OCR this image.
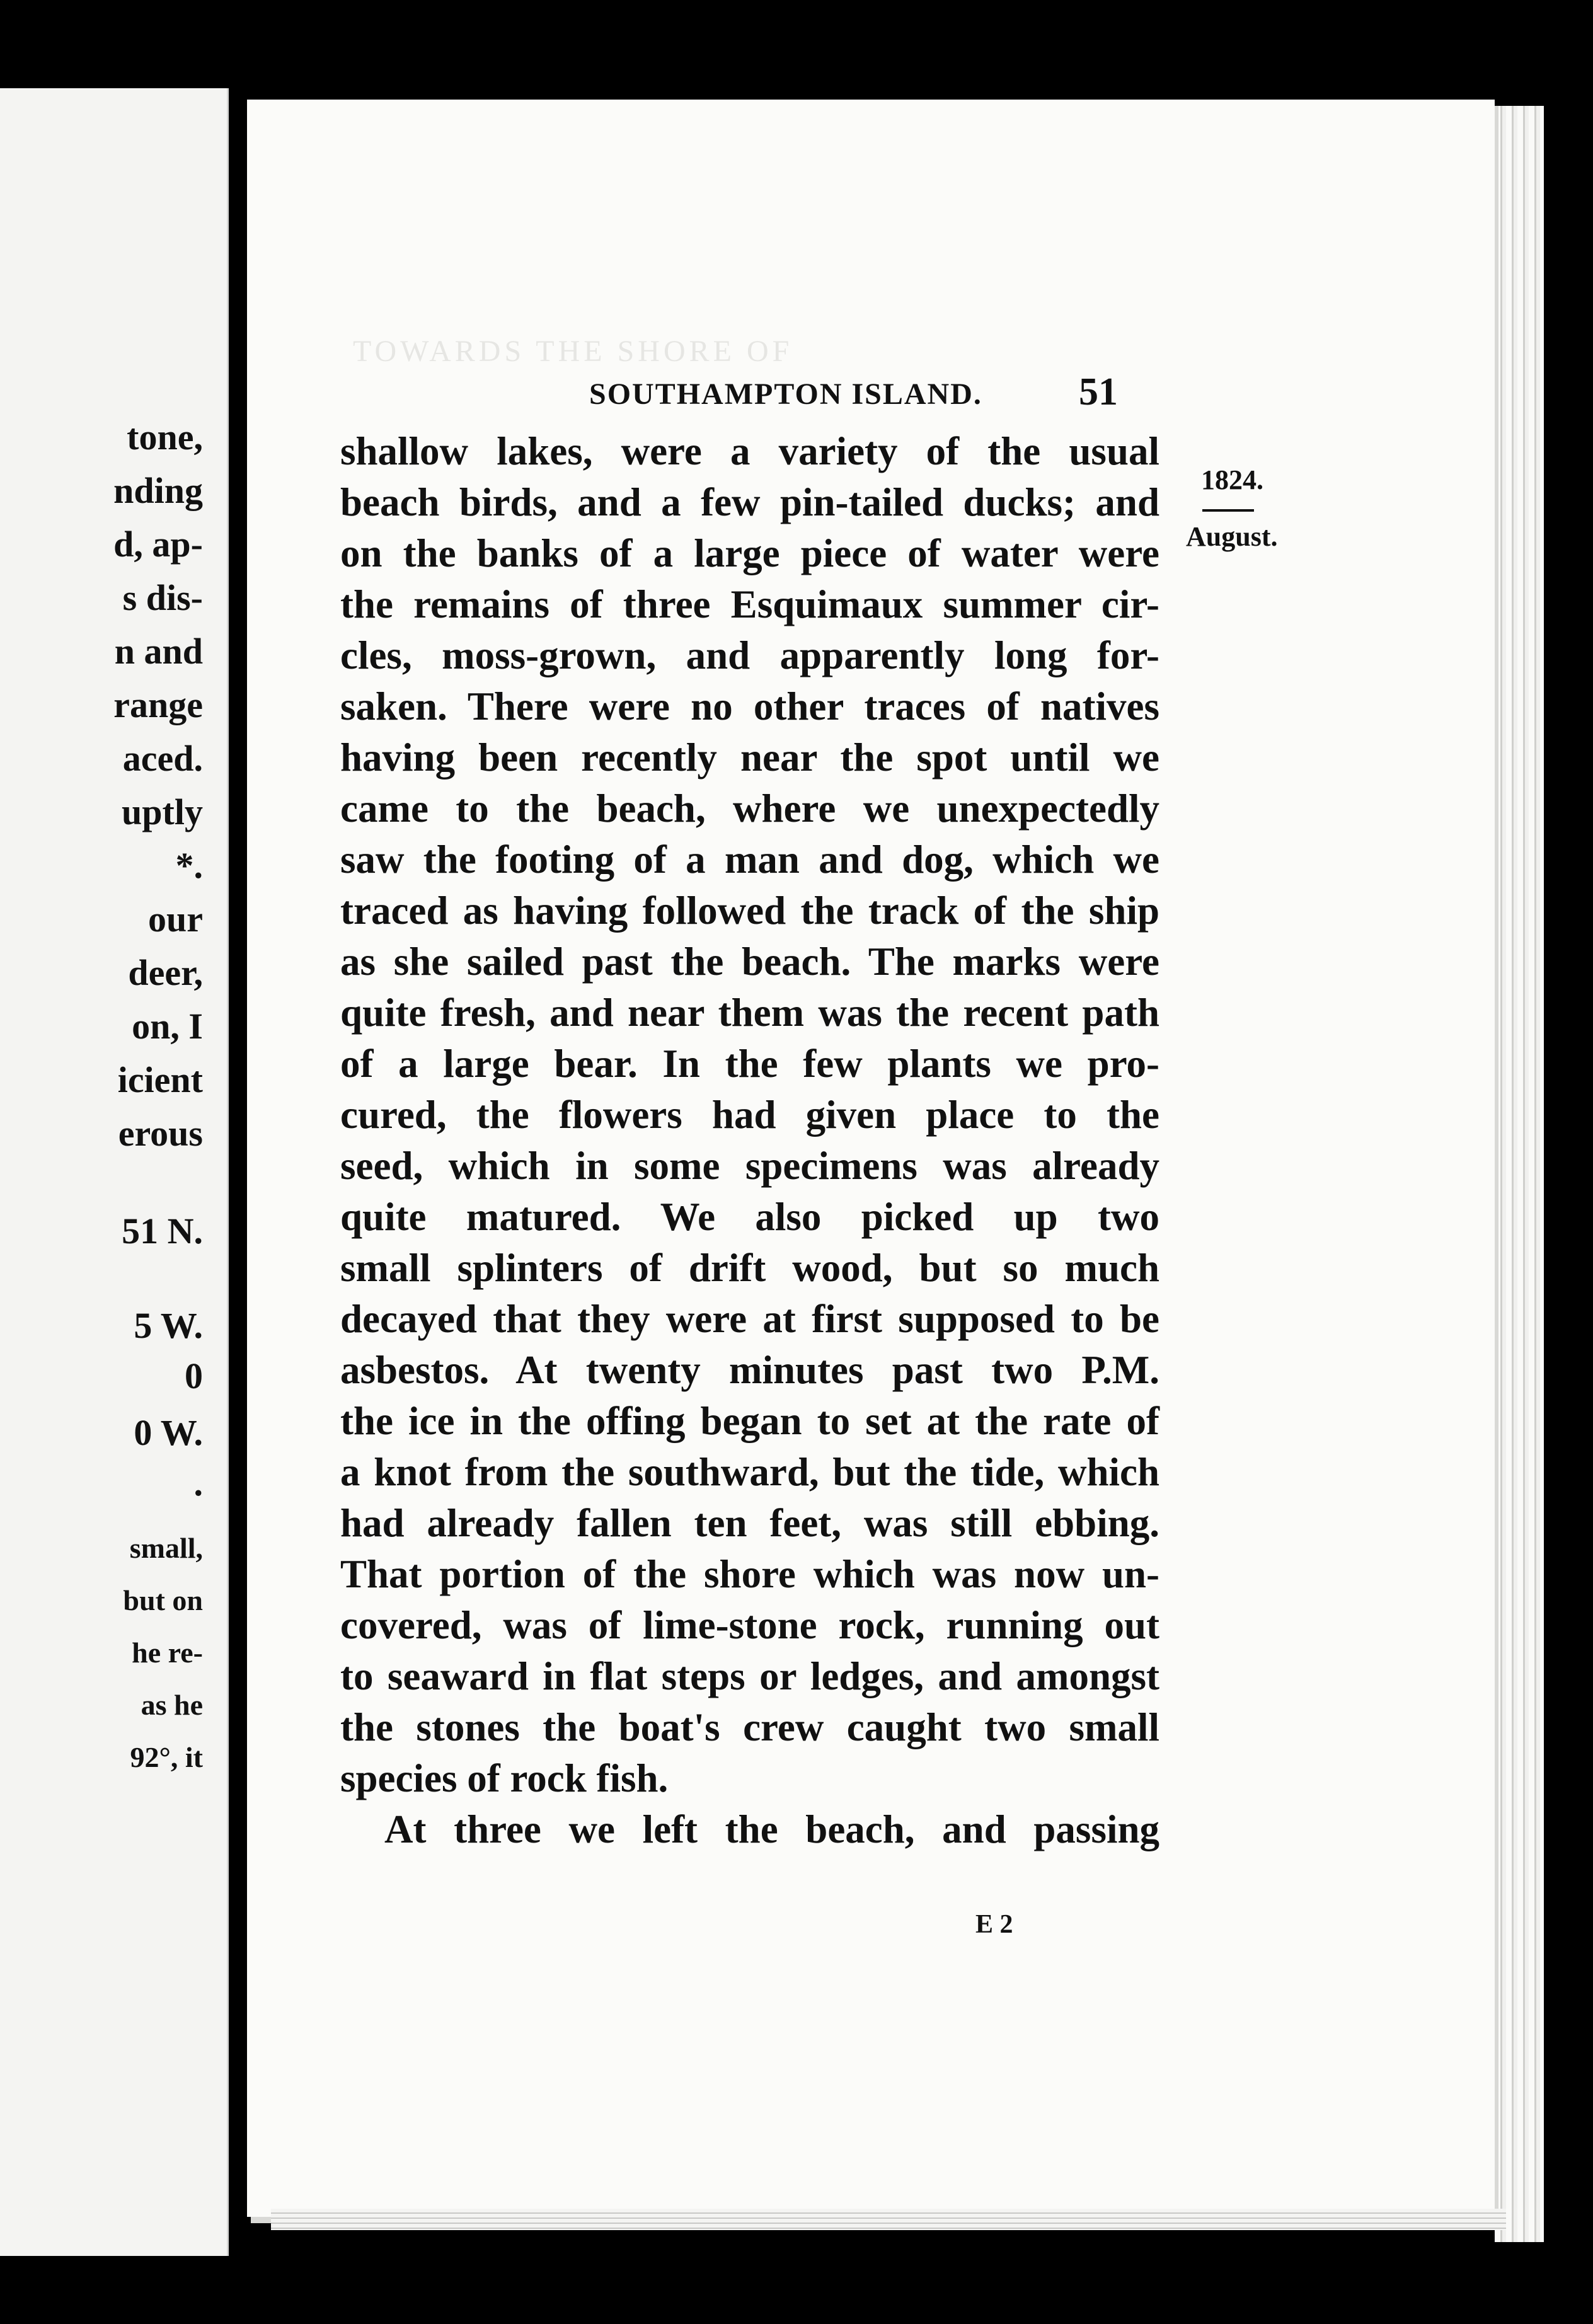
tone,
nding
d, ap-
s dis-
n and
range
aced.
uptly
*.
our
deer,
on, I
icient
erous
51 N.
5 W.
0
0 W.
.
small,
but on
he re-
as he
92°, it
TOWARDS THE SHORE OF
SOUTHAMPTON ISLAND. 51
1824.
August.
shallow lakes, were a variety of the usual
beach birds, and a few pin-tailed ducks; and
on the banks of a large piece of water were
the remains of three Esquimaux summer cir-
cles, moss-grown, and apparently long for-
saken. There were no other traces of natives
having been recently near the spot until we
came to the beach, where we unexpectedly
saw the footing of a man and dog, which we
traced as having followed the track of the ship
as she sailed past the beach. The marks were
quite fresh, and near them was the recent path
of a large bear. In the few plants we pro-
cured, the flowers had given place to the
seed, which in some specimens was already
quite matured. We also picked up two
small splinters of drift wood, but so much
decayed that they were at first supposed to be
asbestos. At twenty minutes past two P.M.
the ice in the offing began to set at the rate of
a knot from the southward, but the tide, which
had already fallen ten feet, was still ebbing.
That portion of the shore which was now un-
covered, was of lime-stone rock, running out
to seaward in flat steps or ledges, and amongst
the stones the boat's crew caught two small
species of rock fish.
At three we left the beach, and passing
E 2
